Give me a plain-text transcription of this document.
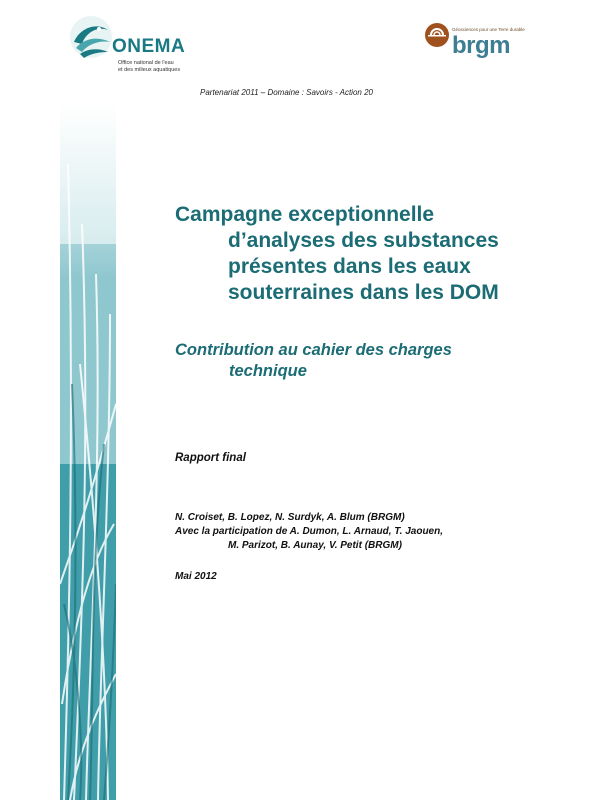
ONEMA
Office national de l'eau
et des milieux aquatiques
Géosciences pour une Terre durable
brgm
Partenariat 2011 – Domaine : Savoirs - Action 20
Campagne exceptionnelle
d’analyses des substances
présentes dans les eaux
souterraines dans les DOM
Contribution au cahier des charges
technique
Rapport final
N. Croiset, B. Lopez, N. Surdyk, A. Blum (BRGM)
Avec la participation de A. Dumon, L. Arnaud, T. Jaouen,
M. Parizot, B. Aunay, V. Petit (BRGM)
Mai 2012
